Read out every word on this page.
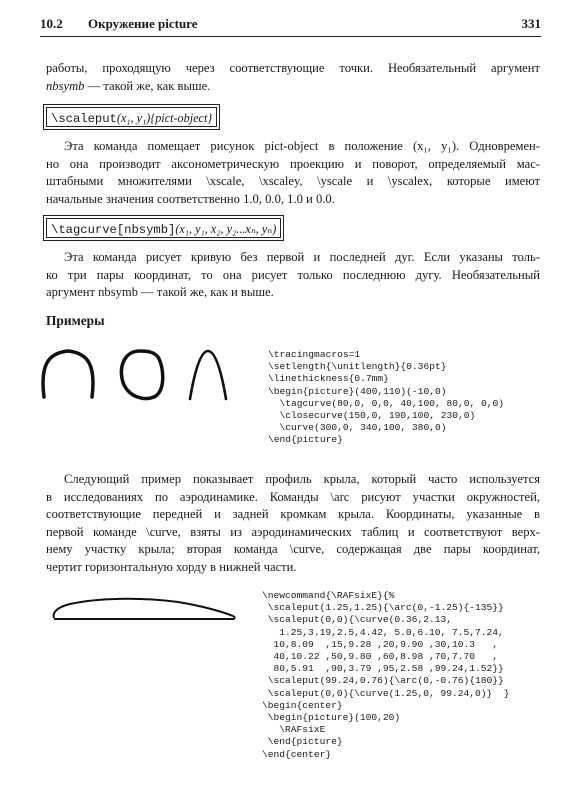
10.2 Окружение picture	331
работы, проходящую через соответствующие точки. Необязательный аргумент
nbsymb — такой же, как выше.
\scaleput(x₁, y₁){pict-object}
Эта команда помещает рисунок pict-object в положение (x₁, y₁). Одновремен-
но она производит аксонометрическую проекцию и поворот, определяемый мас-
штабными множителями \xscale, \xscaley, \yscale и \yscalex, которые имеют
начальные значения соответственно 1.0, 0.0, 1.0 и 0.0.
\tagcurve[nbsymb](x₁, y₁, x₂, y₂...xₙ, yₙ)
Эта команда рисует кривую без первой и последней дуг. Если указаны толь-
ко три пары координат, то она рисует только последнюю дугу. Необязательный
аргумент nbsymb — такой же, как и выше.
Примеры
\tracingmacros=1
\setlength{\unitlength}{0.36pt}
\linethickness{0.7mm}
\begin{picture}(400,110)(-10,0)
\tagcurve(80,0, 0,0, 40,100, 80,0, 0,0)
\closecurve(150,0, 190,100, 230,0)
\curve(300,0, 340,100, 380,0)
\end{picture}
Следующий пример показывает профиль крыла, который часто используется
в исследованиях по аэродинамике. Команды \arc рисуют участки окружностей,
соответствующие передней и задней кромкам крыла. Координаты, указанные в
первой команде \curve, взяты из аэродинамических таблиц и соответствуют верх-
нему участку крыла; вторая команда \curve, содержащая две пары координат,
чертит горизонтальную хорду в нижней части.
\newcommand{\RAFsixE}{%
\scaleput(1.25,1.25){\arc(0,-1.25){-135}}
\scaleput(0,0){\curve(0.36,2.13,
1.25,3.19,2.5,4.42, 5.0,6.10, 7.5,7.24,
10,8.09  ,15,9.28 ,20,9.90 ,30,10.3   ,
40,10.22 ,50,9.80 ,60,8.98 ,70,7.70   ,
80,5.91  ,90,3.79 ,95,2.58 ,99.24,1.52}}
\scaleput(99.24,0.76){\arc(0,-0.76){180}}
\scaleput(0,0){\curve(1.25,0, 99.24,0)}  }
\begin{center}
\begin{picture}(100,20)
\RAFsixE
\end{picture}
\end{center}
